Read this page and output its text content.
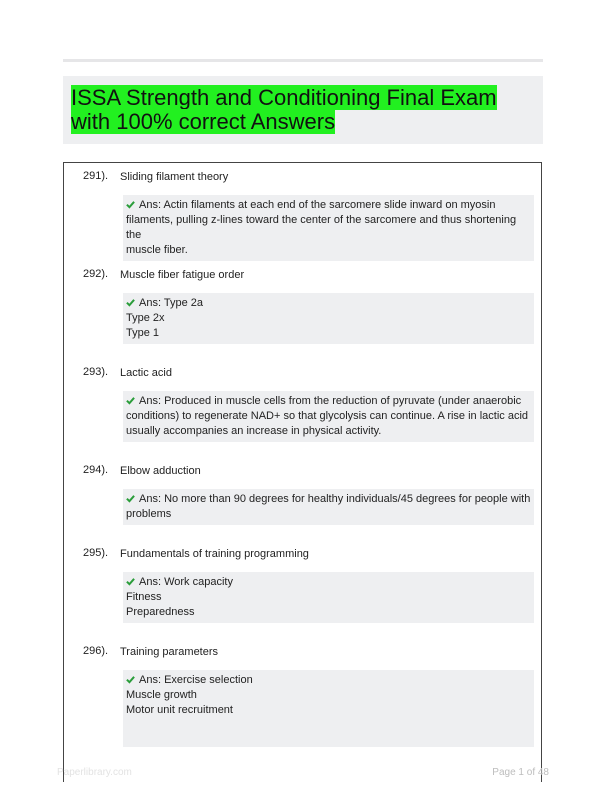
ISSA Strength and Conditioning Final Exam with 100% correct Answers
291). Sliding filament theory
Ans: Actin filaments at each end of the sarcomere slide inward on myosin
filaments, pulling z-lines toward the center of the sarcomere and thus shortening the
muscle fiber.
292). Muscle fiber fatigue order
Ans: Type 2a
Type 2x
Type 1
293). Lactic acid
Ans: Produced in muscle cells from the reduction of pyruvate (under anaerobic
conditions) to regenerate NAD+ so that glycolysis can continue. A rise in lactic acid
usually accompanies an increase in physical activity.
294). Elbow adduction
Ans: No more than 90 degrees for healthy individuals/45 degrees for people with
problems
295). Fundamentals of training programming
Ans: Work capacity
Fitness
Preparedness
296). Training parameters
Ans: Exercise selection
Muscle growth
Motor unit recruitment
Paperlibrary.com	Page 1 of 48
